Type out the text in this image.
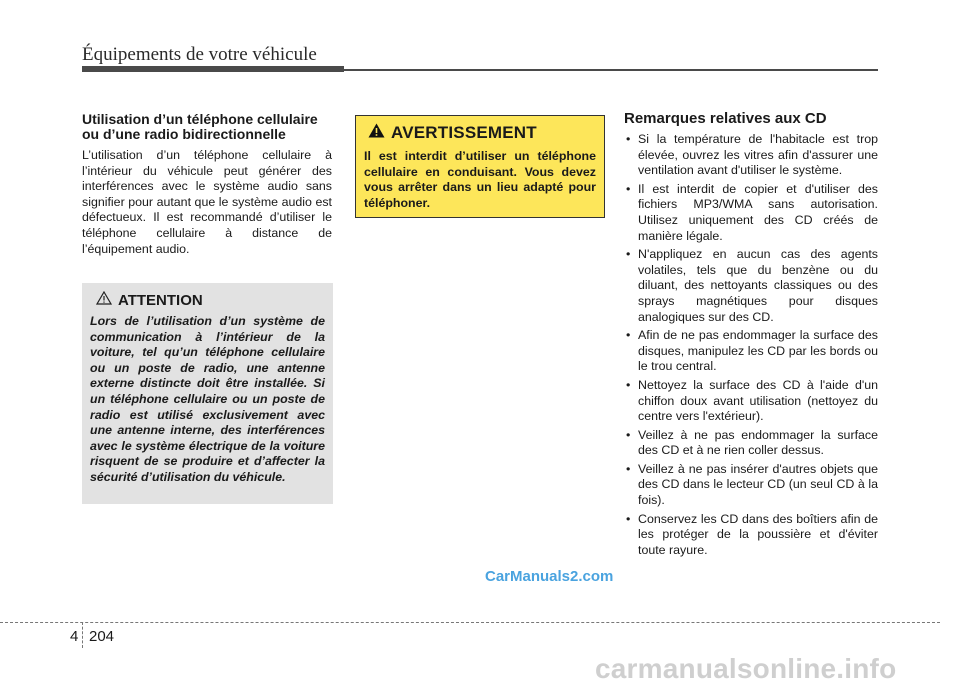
Équipements de votre véhicule
Utilisation d’un téléphone cellulaire ou d’une radio bidirectionnelle

L’utilisation d’un téléphone cellulaire à l’intérieur du véhicule peut générer des interférences avec le système audio sans signifier pour autant que le système audio est défectueux. Il est recommandé d’utiliser le téléphone cellulaire à distance de l’équipement audio.

ATTENTION

Lors de l’utilisation d’un système de communication à l’intérieur de la voiture, tel qu’un téléphone cellulaire ou un poste de radio, une antenne externe distincte doit être installée. Si un téléphone cellulaire ou un poste de radio est utilisé exclusivement avec une antenne interne, des interférences avec le système électrique de la voiture risquent de se produire et d’affecter la sécurité d’utilisation du véhicule.

AVERTISSEMENT

Il est interdit d’utiliser un téléphone cellulaire en conduisant. Vous devez vous arrêter dans un lieu adapté pour téléphoner.

Remarques relatives aux CD
• Si la température de l'habitacle est trop élevée, ouvrez les vitres afin d'assurer une ventilation avant d'utiliser le système.
• Il est interdit de copier et d'utiliser des fichiers MP3/WMA sans autorisation. Utilisez uniquement des CD créés de manière légale.
• N'appliquez en aucun cas des agents volatiles, tels que du benzène ou du diluant, des nettoyants classiques ou des sprays magnétiques pour disques analogiques sur des CD.
• Afin de ne pas endommager la surface des disques, manipulez les CD par les bords ou le trou central.
• Nettoyez la surface des CD à l'aide d'un chiffon doux avant utilisation (nettoyez du centre vers l'extérieur).
• Veillez à ne pas endommager la surface des CD et à ne rien coller dessus.
• Veillez à ne pas insérer d'autres objets que des CD dans le lecteur CD (un seul CD à la fois).
• Conservez les CD dans des boîtiers afin de les protéger de la poussière et d'éviter toute rayure.
CarManuals2.com
4 204
carmanualsonline.info
